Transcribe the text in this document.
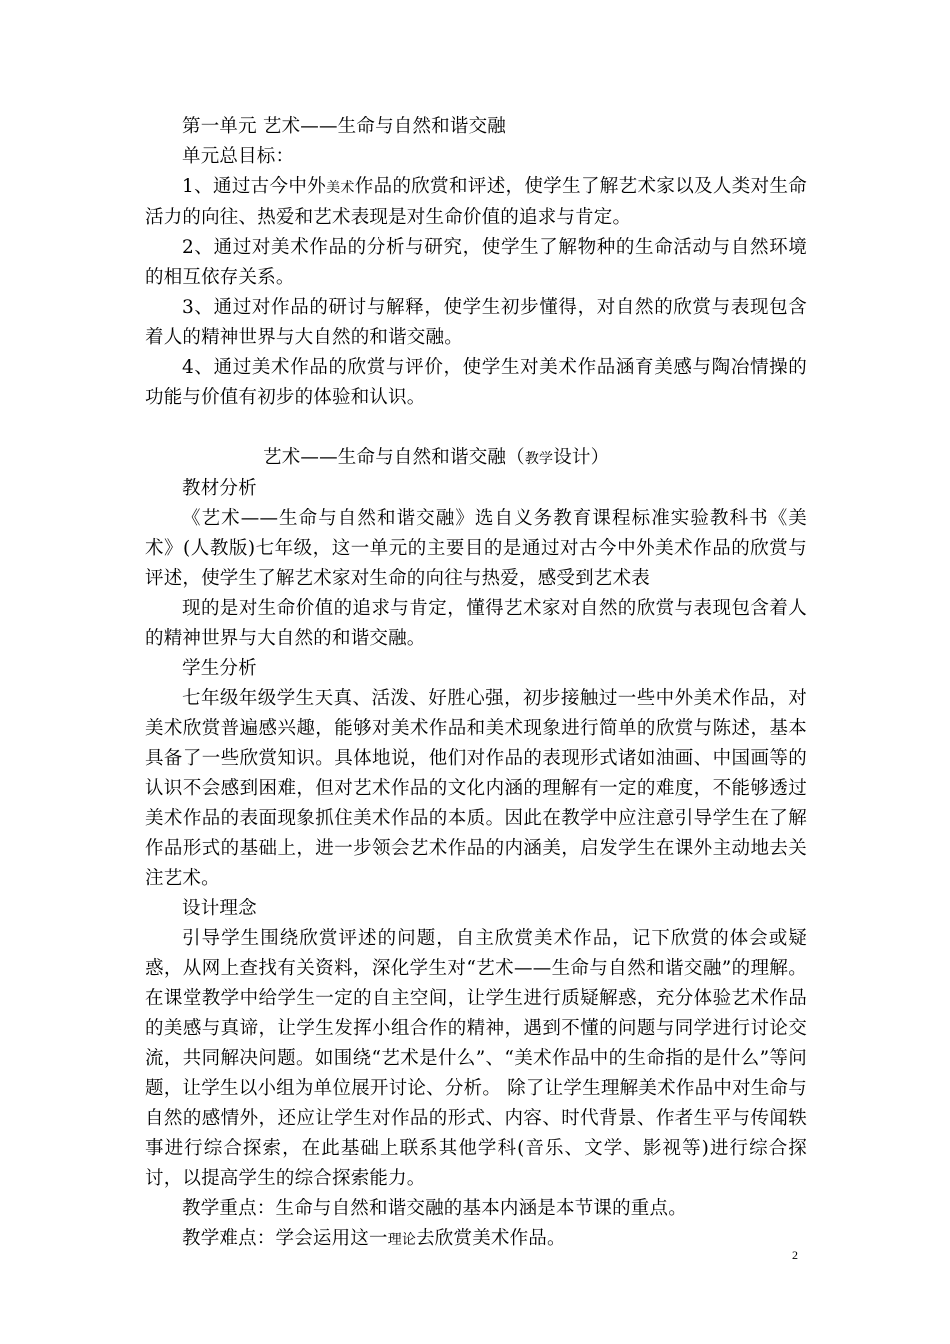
第一单元 艺术——生命与自然和谐交融

单元总目标：

1、通过古今中外美术作品的欣赏和评述，使学生了解艺术家以及人类对生命活力的向往、热爱和艺术表现是对生命价值的追求与肯定。

2、通过对美术作品的分析与研究，使学生了解物种的生命活动与自然环境的相互依存关系。

3、通过对作品的研讨与解释，使学生初步懂得，对自然的欣赏与表现包含着人的精神世界与大自然的和谐交融。

4、通过美术作品的欣赏与评价，使学生对美术作品涵育美感与陶冶情操的功能与价值有初步的体验和认识。

艺术——生命与自然和谐交融（教学设计）

教材分析

《艺术——生命与自然和谐交融》选自义务教育课程标准实验教科书《美术》(人教版)七年级，这一单元的主要目的是通过对古今中外美术作品的欣赏与评述，使学生了解艺术家对生命的向往与热爱，感受到艺术表

现的是对生命价值的追求与肯定，懂得艺术家对自然的欣赏与表现包含着人的精神世界与大自然的和谐交融。

学生分析

七年级年级学生天真、活泼、好胜心强，初步接触过一些中外美术作品，对美术欣赏普遍感兴趣，能够对美术作品和美术现象进行简单的欣赏与陈述，基本具备了一些欣赏知识。具体地说，他们对作品的表现形式诸如油画、中国画等的认识不会感到困难，但对艺术作品的文化内涵的理解有一定的难度，不能够透过美术作品的表面现象抓住美术作品的本质。因此在教学中应注意引导学生在了解作品形式的基础上，进一步领会艺术作品的内涵美，启发学生在课外主动地去关注艺术。

设计理念

引导学生围绕欣赏评述的问题，自主欣赏美术作品，记下欣赏的体会或疑惑，从网上查找有关资料，深化学生对“艺术——生命与自然和谐交融”的理解。在课堂教学中给学生一定的自主空间，让学生进行质疑解惑，充分体验艺术作品的美感与真谛，让学生发挥小组合作的精神，遇到不懂的问题与同学进行讨论交流，共同解决问题。如围绕“艺术是什么”、“美术作品中的生命指的是什么”等问题，让学生以小组为单位展开讨论、分析。 除了让学生理解美术作品中对生命与自然的感情外，还应让学生对作品的形式、内容、时代背景、作者生平与传闻轶事进行综合探索，在此基础上联系其他学科(音乐、文学、影视等)进行综合探讨，以提高学生的综合探索能力。

教学重点：生命与自然和谐交融的基本内涵是本节课的重点。

教学难点：学会运用这一理论去欣赏美术作品。

2
